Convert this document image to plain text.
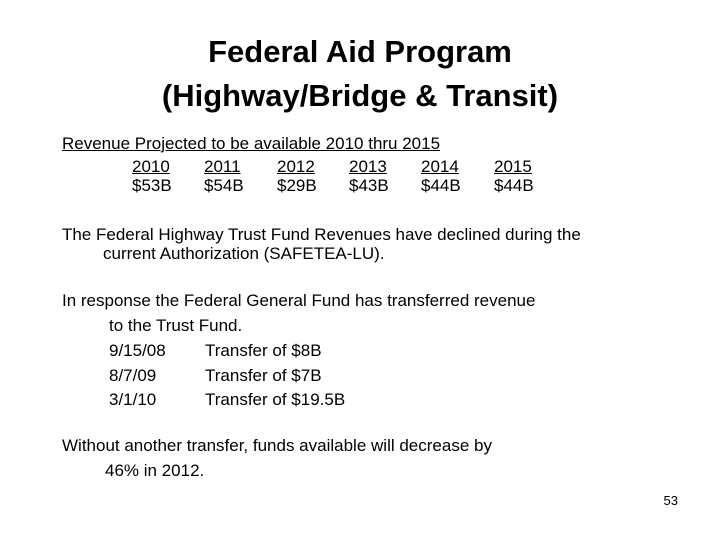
Federal Aid Program
(Highway/Bridge & Transit)
Revenue Projected to be available 2010 thru 2015
2010 2011 2012 2013 2014 2015
$53B $54B $29B $43B $44B $44B
The Federal Highway Trust Fund Revenues have declined during the
current Authorization (SAFETEA-LU).
In response the Federal General Fund has transferred revenue
to the Trust Fund.
9/15/08 Transfer of $8B
8/7/09	Transfer of $7B
3/1/10	Transfer of $19.5B
Without another transfer, funds available will decrease by
46% in 2012.
53
